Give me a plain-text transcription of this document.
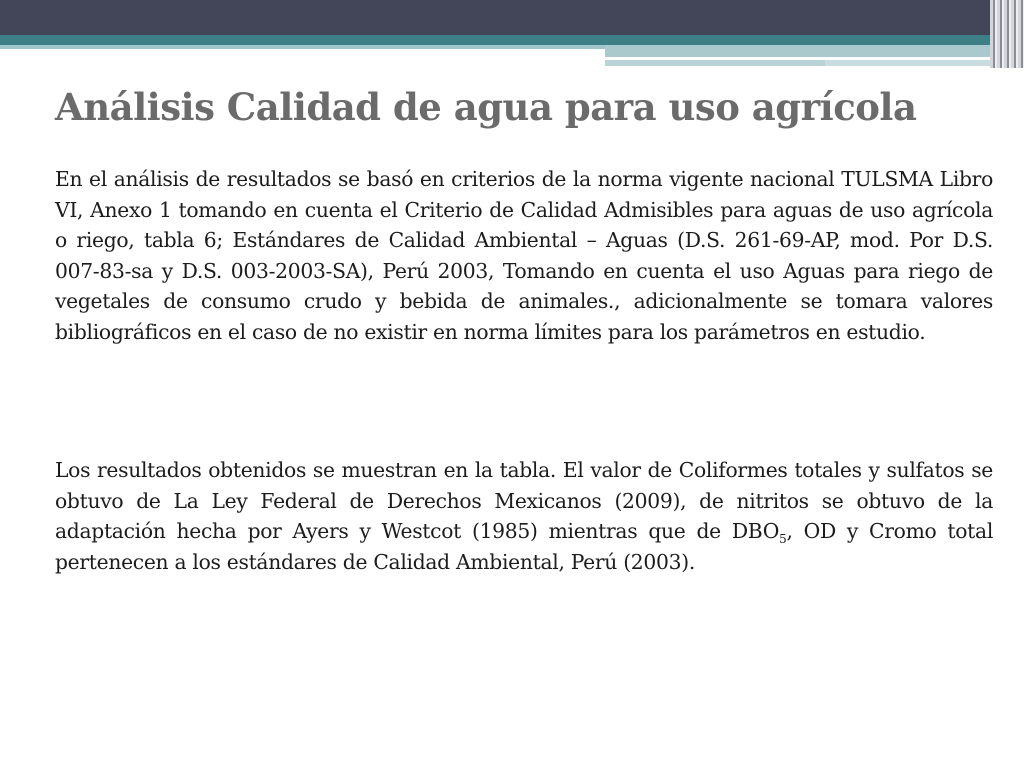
Análisis Calidad de agua para uso agrícola

En el análisis de resultados se basó en criterios de la norma vigente nacional TULSMA Libro VI, Anexo 1 tomando en cuenta el Criterio de Calidad Admisibles para aguas de uso agrícola o riego, tabla 6; Estándares de Calidad Ambiental – Aguas (D.S. 261-69-AP, mod. Por D.S. 007-83-sa y D.S. 003-2003-SA), Perú 2003, Tomando en cuenta el uso Aguas para riego de vegetales de consumo crudo y bebida de animales., adicionalmente se tomara valores bibliográficos en el caso de no existir en norma límites para los parámetros en estudio.

Los resultados obtenidos se muestran en la tabla. El valor de Coliformes totales y sulfatos se obtuvo de La Ley Federal de Derechos Mexicanos (2009), de nitritos se obtuvo de la adaptación hecha por Ayers y Westcot (1985) mientras que de $DBO_5$, OD y Cromo total pertenecen a los estándares de Calidad Ambiental, Perú (2003).
